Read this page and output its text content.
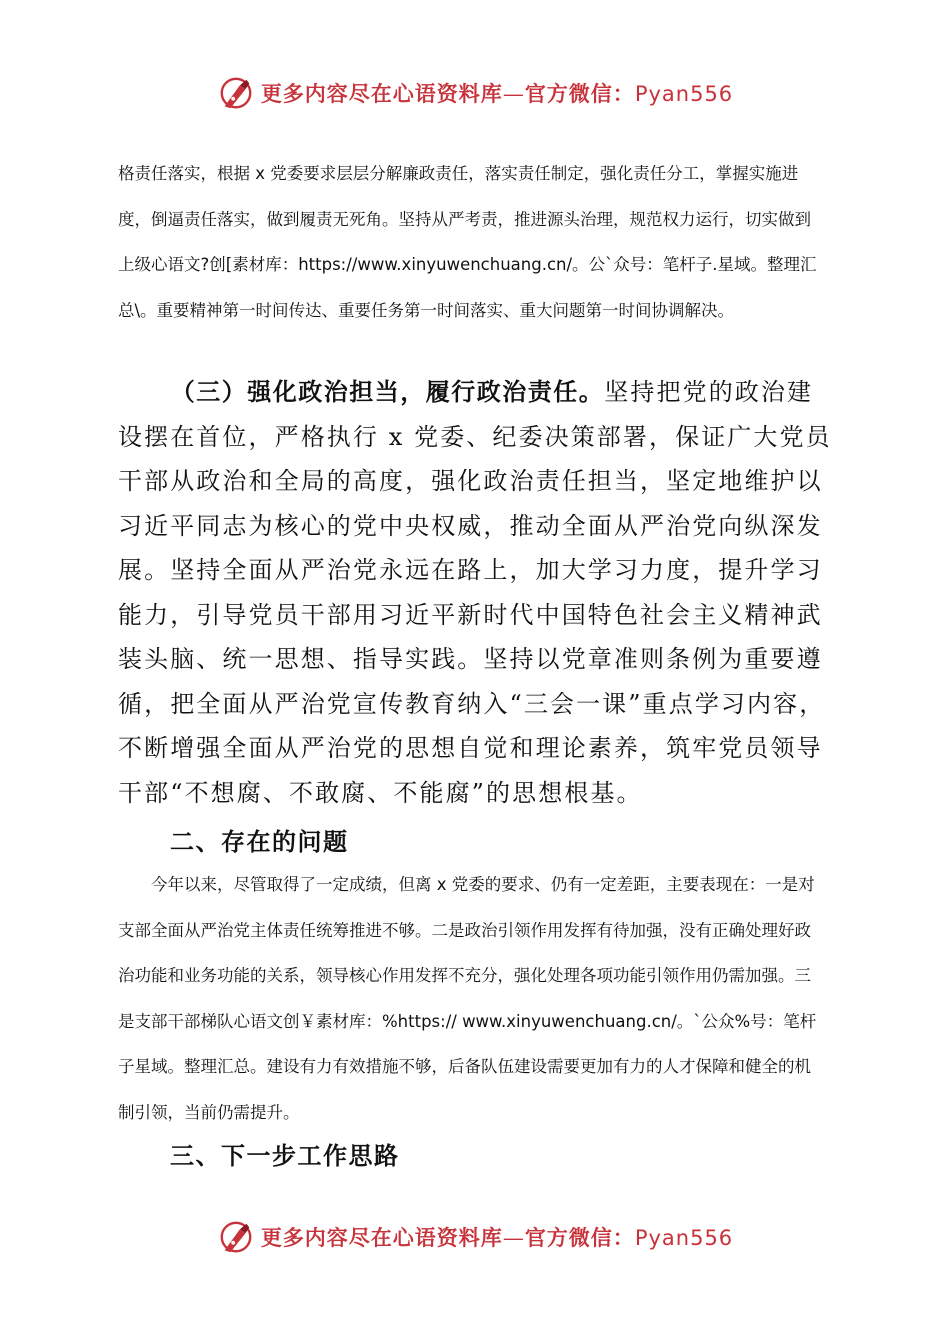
更多内容尽在心语资料库—官方微信：Pyan556

格责任落实，根据 x 党委要求层层分解廉政责任，落实责任制定，强化责任分工，掌握实施进度，倒逼责任落实，做到履责无死角。坚持从严考责，推进源头治理，规范权力运行，切实做到上级心语文?创[素材库：https://www.xinyuwenchuang.cn/。公`众号：笔杆子.星域。整理汇总\。重要精神第一时间传达、重要任务第一时间落实、重大问题第一时间协调解决。

（三）强化政治担当，履行政治责任。坚持把党的政治建设摆在首位，严格执行 x 党委、纪委决策部署，保证广大党员干部从政治和全局的高度，强化政治责任担当，坚定地维护以习近平同志为核心的党中央权威，推动全面从严治党向纵深发展。坚持全面从严治党永远在路上，加大学习力度，提升学习能力，引导党员干部用习近平新时代中国特色社会主义精神武装头脑、统一思想、指导实践。坚持以党章准则条例为重要遵循，把全面从严治党宣传教育纳入“三会一课”重点学习内容，不断增强全面从严治党的思想自觉和理论素养，筑牢党员领导干部“不想腐、不敢腐、不能腐”的思想根基。

二、存在的问题

今年以来，尽管取得了一定成绩，但离 x 党委的要求、仍有一定差距，主要表现在：一是对支部全面从严治党主体责任统筹推进不够。二是政治引领作用发挥有待加强，没有正确处理好政治功能和业务功能的关系，领导核心作用发挥不充分，强化处理各项功能引领作用仍需加强。三是支部干部梯队心语文创￥素材库：%https:// www.xinyuwenchuang.cn/。`公众%号：笔杆子星域。整理汇总。建设有力有效措施不够，后备队伍建设需要更加有力的人才保障和健全的机制引领，当前仍需提升。

三、下一步工作思路
更多内容尽在心语资料库—官方微信：Pyan556
